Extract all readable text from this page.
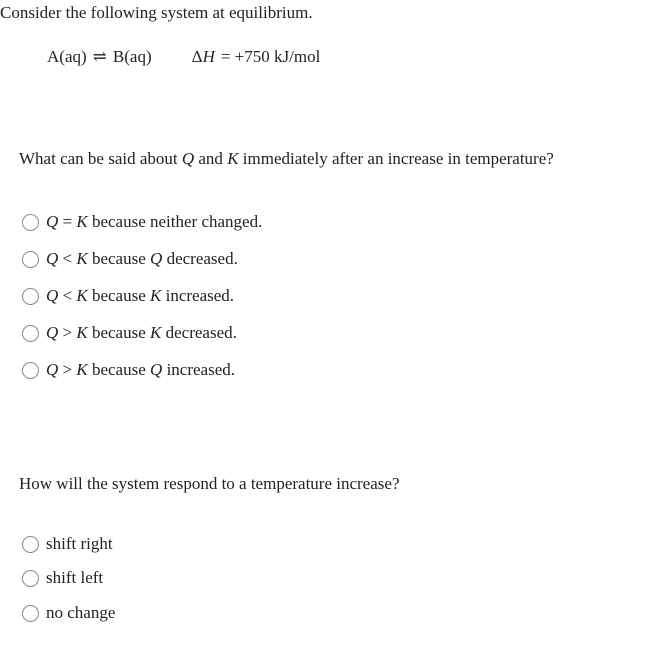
Consider the following system at equilibrium.
A(aq) ⇌ B(aq) ΔH = +750 kJ/mol
What can be said about Q and K immediately after an increase in temperature?
Q = K because neither changed.
Q < K because Q decreased.
Q < K because K increased.
Q > K because K decreased.
Q > K because Q increased.
How will the system respond to a temperature increase?
shift right
shift left
no change
